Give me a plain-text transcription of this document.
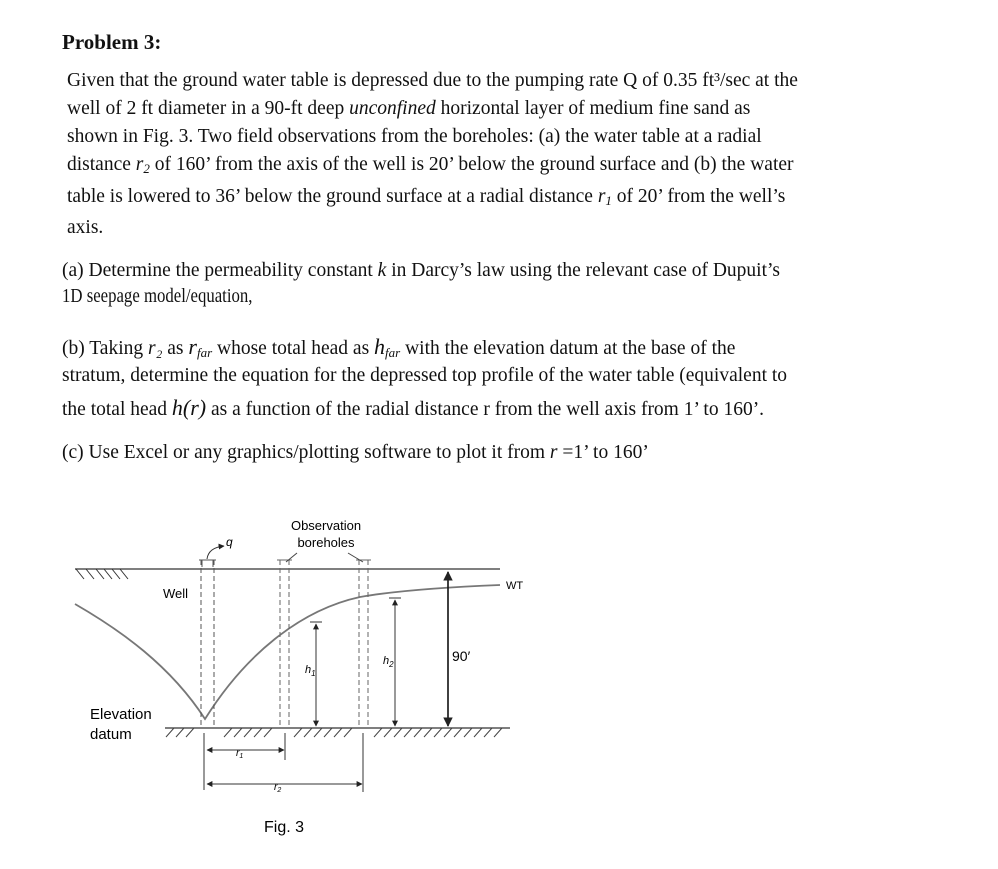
Problem 3:
Given that the ground water table is depressed due to the pumping rate Q of 0.35 ft³/sec at the
well of 2 ft diameter in a 90-ft deep unconfined horizontal layer of medium fine sand as
shown in Fig. 3. Two field observations from the boreholes: (a) the water table at a radial
distance $r_2$ of 160’ from the axis of the well is 20’ below the ground surface and (b) the water
table is lowered to 36’ below the ground surface at a radial distance $r_1$ of 20’ from the well’s
axis.
(a) Determine the permeability constant k in Darcy’s law using the relevant case of Dupuit’s
1D seepage model/equation,
(b) Taking r₂ as $r_{far}$ whose total head as $h_{far}$ with the elevation datum at the base of the
stratum, determine the equation for the depressed top profile of the water table (equivalent to
the total head h(r) as a function of the radial distance r from the well axis from 1’ to 160’.
(c) Use Excel or any graphics/plotting software to plot it from r =1’ to 160’
Observation
boreholes
q
Well	WT
90′
Elevation
datum
$h_1$
$h_2$
$r_1$
$r_2$
Fig. 3
